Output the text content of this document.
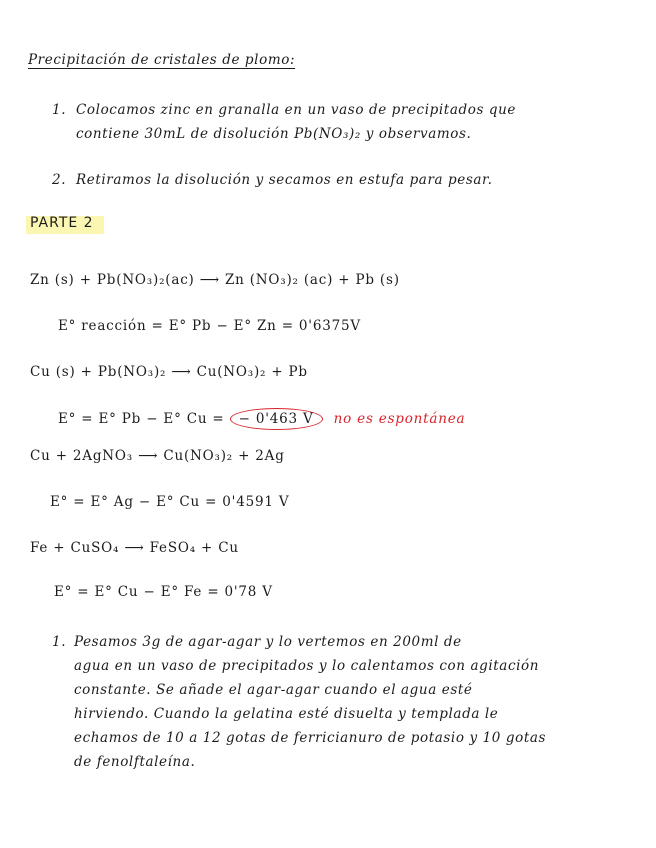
Precipitación de cristales de plomo:
1. Colocamos zinc en granalla en un vaso de precipitados que
contiene 30mL de disolución Pb(NO₃)₂ y observamos.
2. Retiramos la disolución y secamos en estufa para pesar.
PARTE 2
Zn (s) + Pb(NO₃)₂(ac) ⟶ Zn (NO₃)₂ (ac) + Pb (s)
E° reacción = E° Pb − E° Zn = 0'6375V
Cu (s) + Pb(NO₃)₂ ⟶ Cu(NO₃)₂ + Pb
E° = E° Pb − E° Cu = − 0'463 V no es espontánea
Cu + 2AgNO₃ ⟶ Cu(NO₃)₂ + 2Ag
E° = E° Ag − E° Cu = 0'4591 V
Fe + CuSO₄ ⟶ FeSO₄ + Cu
E° = E° Cu − E° Fe = 0'78 V
1. Pesamos 3g de agar-agar y lo vertemos en 200ml de
agua en un vaso de precipitados y lo calentamos con agitación
constante. Se añade el agar-agar cuando el agua esté
hirviendo. Cuando la gelatina esté disuelta y templada le
echamos de 10 a 12 gotas de ferricianuro de potasio y 10 gotas
de fenolftaleína.
